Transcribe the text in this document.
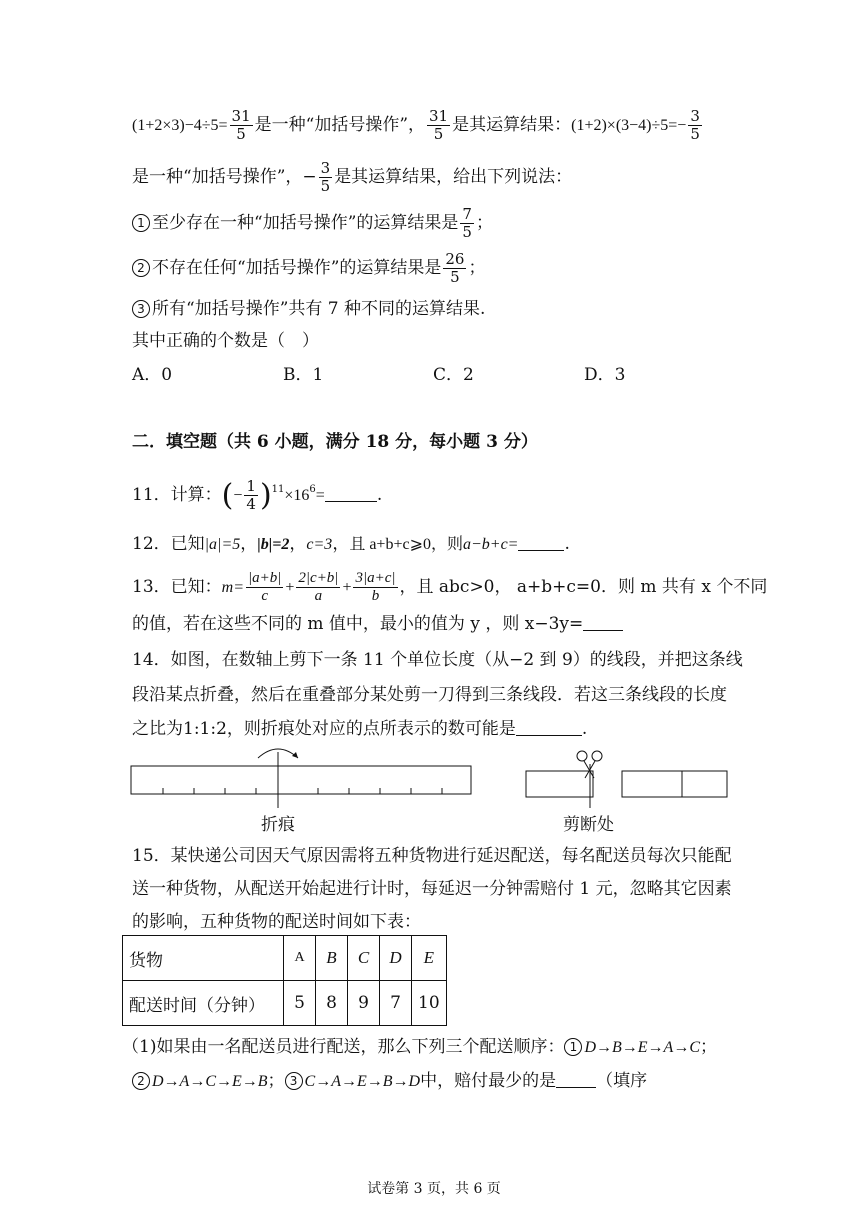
$(1+2\times 3)-4\div 5= \frac{31}{5}$ 是一种“加括号操作”， $\frac{31}{5}$ 是其运算结果：$(1+2)\times(3-4)\div 5=- \frac{3}{5}$
是一种“加括号操作”，− $\frac{3}{5}$ 是其运算结果，给出下列说法：
1 至少存在一种“加括号操作”的运算结果是 $\frac{7}{5}$ ；
2 不存在任何“加括号操作”的运算结果是 $\frac{26}{5}$ ；
3 所有“加括号操作”共有 7 种不同的运算结果.
其中正确的个数是（　）
A．0	B．1	C．2	D．3
二．填空题（共 6 小题，满分 18 分，每小题 3 分）
11．计算：(− $\frac{1}{4} )^{11}\times 16^6=$	.
12．已知|a|=5，|b|=2，c=3，且 a+b+c⩾0，则a−b+c=	.
13．已知：$m= \frac{|a+b|}{c} + \frac{2|c+b|}{a} + \frac{3|a+c|}{b}$ ，且 abc>0， a+b+c=0．则 m 共有 x 个不同
的值，若在这些不同的 m 值中，最小的值为 y ，则 x−3y=
14．如图，在数轴上剪下一条 11 个单位长度（从−2 到 9）的线段，并把这条线
段沿某点折叠，然后在重叠部分某处剪一刀得到三条线段．若这三条线段的长度
之比为1:1:2，则折痕处对应的点所表示的数可能是	.
折痕	剪断处
15．某快递公司因天气原因需将五种货物进行延迟配送，每名配送员每次只能配
送一种货物，从配送开始起进行计时，每延迟一分钟需赔付 1 元，忽略其它因素
的影响，五种货物的配送时间如下表：
货物	A	B	C	D	E
配送时间（分钟）	5	8	9	7	10
（1)如果由一名配送员进行配送，那么下列三个配送顺序： 1 D→B→E→A→C；
2 D→A→C→E→B； 3 C→A→E→B→D中，赔付最少的是 （填序
试卷第 3 页，共 6 页
